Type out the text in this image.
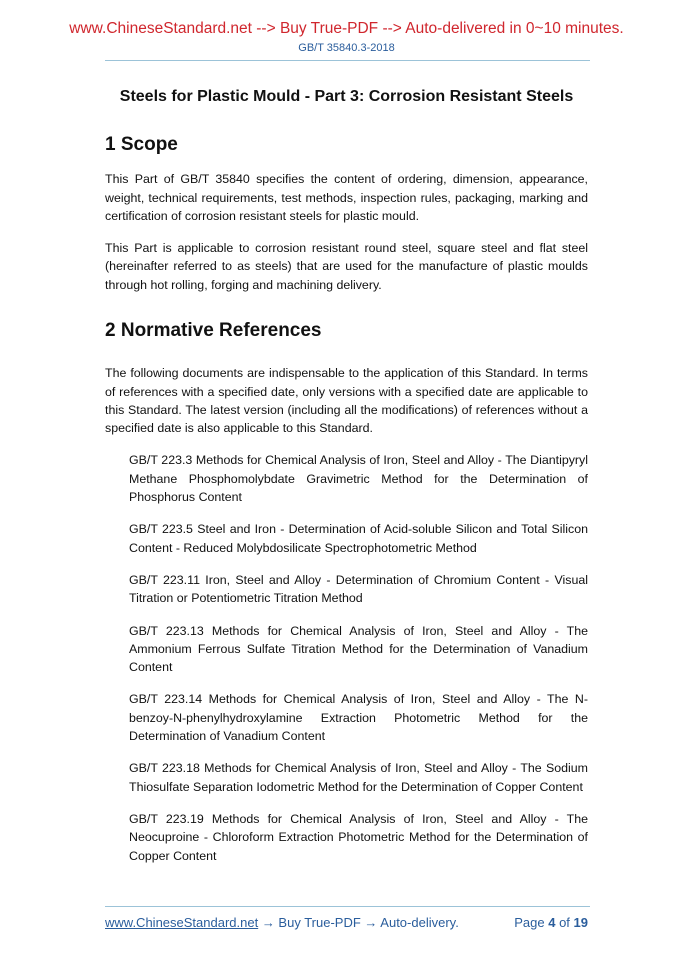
www.ChineseStandard.net --> Buy True-PDF --> Auto-delivered in 0~10 minutes.
GB/T 35840.3-2018
Steels for Plastic Mould - Part 3: Corrosion Resistant Steels
1 Scope

This Part of GB/T 35840 specifies the content of ordering, dimension, appearance, weight, technical requirements, test methods, inspection rules, packaging, marking and certification of corrosion resistant steels for plastic mould.

This Part is applicable to corrosion resistant round steel, square steel and flat steel (hereinafter referred to as steels) that are used for the manufacture of plastic moulds through hot rolling, forging and machining delivery.

2 Normative References

The following documents are indispensable to the application of this Standard. In terms of references with a specified date, only versions with a specified date are applicable to this Standard. The latest version (including all the modifications) of references without a specified date is also applicable to this Standard.

GB/T 223.3 Methods for Chemical Analysis of Iron, Steel and Alloy - The Diantipyryl Methane Phosphomolybdate Gravimetric Method for the Determination of Phosphorus Content

GB/T 223.5 Steel and Iron - Determination of Acid-soluble Silicon and Total Silicon Content - Reduced Molybdosilicate Spectrophotometric Method

GB/T 223.11 Iron, Steel and Alloy - Determination of Chromium Content - Visual Titration or Potentiometric Titration Method

GB/T 223.13 Methods for Chemical Analysis of Iron, Steel and Alloy - The Ammonium Ferrous Sulfate Titration Method for the Determination of Vanadium Content

GB/T 223.14 Methods for Chemical Analysis of Iron, Steel and Alloy - The N-benzoy-N-phenylhydroxylamine Extraction Photometric Method for the Determination of Vanadium Content

GB/T 223.18 Methods for Chemical Analysis of Iron, Steel and Alloy - The Sodium Thiosulfate Separation Iodometric Method for the Determination of Copper Content

GB/T 223.19 Methods for Chemical Analysis of Iron, Steel and Alloy - The Neocuproine - Chloroform Extraction Photometric Method for the Determination of Copper Content

www.ChineseStandard.net → Buy True-PDF → Auto-delivery.	Page 4 of 19
